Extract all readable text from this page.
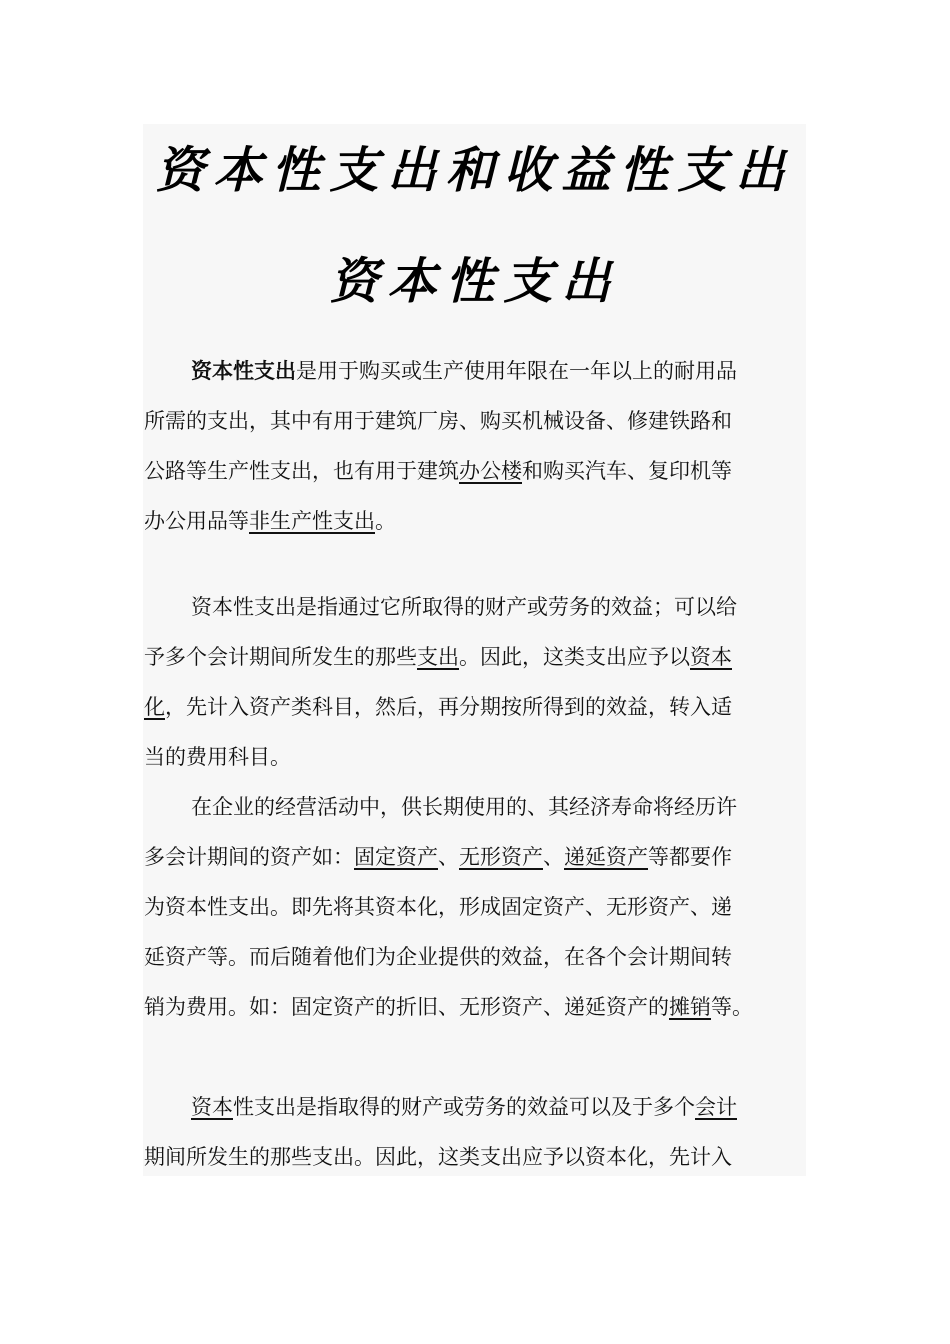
资本性支出和收益性支出
资本性支出
资本性支出是用于购买或生产使用年限在一年以上的耐用品
所需的支出，其中有用于建筑厂房、购买机械设备、修建铁路和
公路等生产性支出，也有用于建筑办公楼和购买汽车、复印机等
办公用品等非生产性支出。
资本性支出是指通过它所取得的财产或劳务的效益；可以给
予多个会计期间所发生的那些支出。因此，这类支出应予以资本
化，先计入资产类科目，然后，再分期按所得到的效益，转入适
当的费用科目。
在企业的经营活动中，供长期使用的、其经济寿命将经历许
多会计期间的资产如：固定资产、无形资产、递延资产等都要作
为资本性支出。即先将其资本化，形成固定资产、无形资产、递
延资产等。而后随着他们为企业提供的效益，在各个会计期间转
销为费用。如：固定资产的折旧、无形资产、递延资产的摊销等。
资本性支出是指取得的财产或劳务的效益可以及于多个会计
期间所发生的那些支出。因此，这类支出应予以资本化，先计入
